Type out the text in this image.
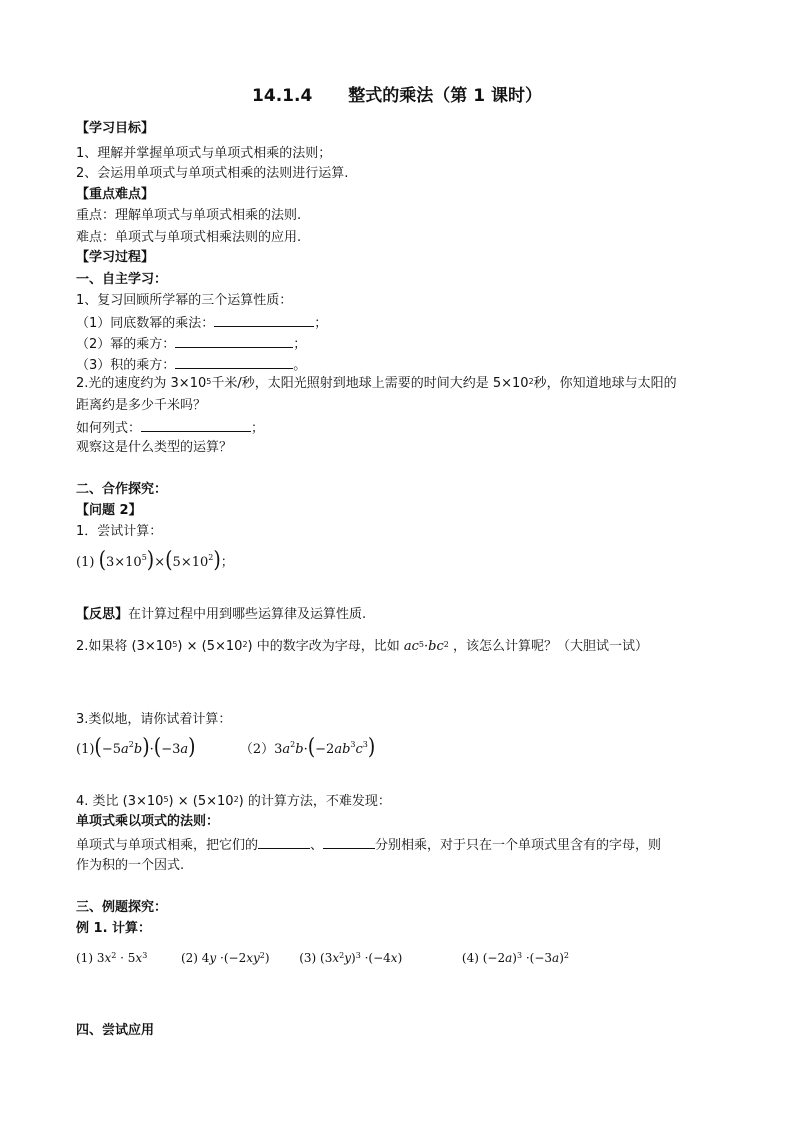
14.1.4 整式的乘法（第 1 课时）
【学习目标】
1、理解并掌握单项式与单项式相乘的法则；
2、会运用单项式与单项式相乘的法则进行运算.
【重点难点】
重点：理解单项式与单项式相乘的法则.
难点：单项式与单项式相乘法则的应用.
【学习过程】
一、自主学习：
1、复习回顾所学幂的三个运算性质：
（1）同底数幂的乘法：	；
（2）幂的乘方：	；
（3）积的乘方：	。
2.光的速度约为 $3\times 10^5$千米/秒，太阳光照射到地球上需要的时间大约是 $5\times 10^2$秒，你知道地球与太阳的
距离约是多少千米吗？
如何列式：	；
观察这是什么类型的运算？
二、合作探究：
【问题 2】
1．尝试计算：
(1) $(3\times 10^5)\times(5\times 10^2)$；
【反思】在计算过程中用到哪些运算律及运算性质.
2.如果将 $(3\times 10^5) \times (5\times 10^2)$ 中的数字改为字母，比如 $ac^5\cdot bc^2$ ，该怎么计算呢？（大胆试一试）
3.类似地，请你试着计算：
$(1)(-5a^2b)\cdot(-3a)$	$(2)3a^2b\cdot(-2ab^3c^3)$
4. 类比 $(3\times 10^5) \times (5\times 10^2)$ 的计算方法，不难发现：
单项式乘以项式的法则：
单项式与单项式相乘，把它们的	、	分别相乘，对于只在一个单项式里含有的字母，则
作为积的一个因式.
三、例题探究：
例 1. 计算：
(1) $3x^2 \cdot 5x^3$	(2) $4y \cdot(-2xy^2)$ (3) $(3x^2y)^3 \cdot(-4x)$	(4) $(-2a)^3 \cdot(-3a)^2$
四、尝试应用
